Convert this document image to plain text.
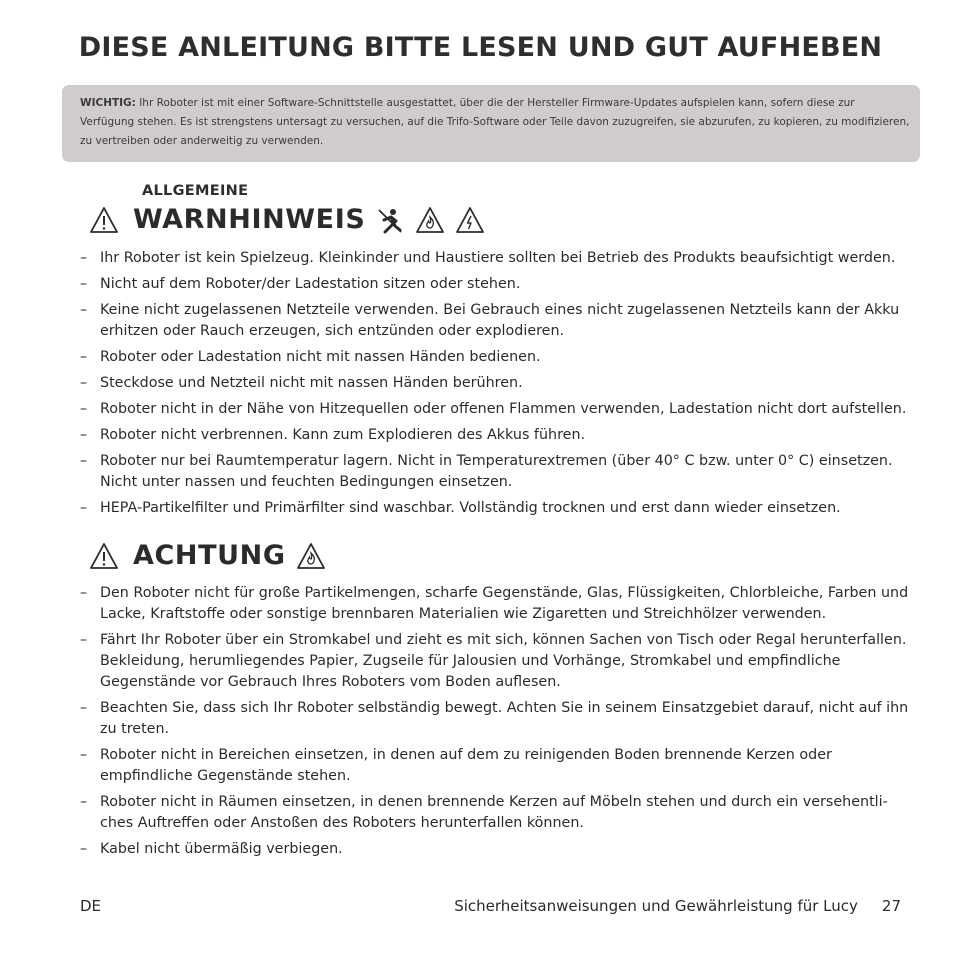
DIESE ANLEITUNG BITTE LESEN UND GUT AUFHEBEN
WICHTIG: Ihr Roboter ist mit einer Software-Schnittstelle ausgestattet, über die der Hersteller Firmware-Updates aufspielen kann, sofern diese zur Verfügung stehen. Es ist strengstens untersagt zu versuchen, auf die Trifo-Software oder Teile davon zuzugreifen, sie abzurufen, zu kopieren, zu modifizieren, zu vertreiben oder anderweitig zu verwenden.
ALLGEMEINE
WARNHINWEIS
– Ihr Roboter ist kein Spielzeug. Kleinkinder und Haustiere sollten bei Betrieb des Produkts beaufsichtigt werden.
– Nicht auf dem Roboter/der Ladestation sitzen oder stehen.
– Keine nicht zugelassenen Netzteile verwenden. Bei Gebrauch eines nicht zugelassenen Netzteils kann der Akku erhitzen oder Rauch erzeugen, sich entzünden oder explodieren.
– Roboter oder Ladestation nicht mit nassen Händen bedienen.
– Steckdose und Netzteil nicht mit nassen Händen berühren.
– Roboter nicht in der Nähe von Hitzequellen oder offenen Flammen verwenden, Ladestation nicht dort aufstellen.
– Roboter nicht verbrennen. Kann zum Explodieren des Akkus führen.
– Roboter nur bei Raumtemperatur lagern. Nicht in Temperaturextremen (über 40° C bzw. unter 0° C) einsetzen. Nicht unter nassen und feuchten Bedingungen einsetzen.
– HEPA-Partikelfilter und Primärfilter sind waschbar. Vollständig trocknen und erst dann wieder einsetzen.
ACHTUNG
– Den Roboter nicht für große Partikelmengen, scharfe Gegenstände, Glas, Flüssigkeiten, Chlorbleiche, Farben und Lacke, Kraftstoffe oder sonstige brennbaren Materialien wie Zigaretten und Streichhölzer verwenden.
– Fährt Ihr Roboter über ein Stromkabel und zieht es mit sich, können Sachen von Tisch oder Regal herunterfallen. Bekleidung, herumliegendes Papier, Zugseile für Jalousien und Vorhänge, Stromkabel und empfindliche Gegenstände vor Gebrauch Ihres Roboters vom Boden auflesen.
– Beachten Sie, dass sich Ihr Roboter selbständig bewegt. Achten Sie in seinem Einsatzgebiet darauf, nicht auf ihn zu treten.
– Roboter nicht in Bereichen einsetzen, in denen auf dem zu reinigenden Boden brennende Kerzen oder empfindliche Gegenstände stehen.
– Roboter nicht in Räumen einsetzen, in denen brennende Kerzen auf Möbeln stehen und durch ein versehentli-ches Auftreffen oder Anstoßen des Roboters herunterfallen können.
– Kabel nicht übermäßig verbiegen.
DE	Sicherheitsanweisungen und Gewährleistung für Lucy 27
